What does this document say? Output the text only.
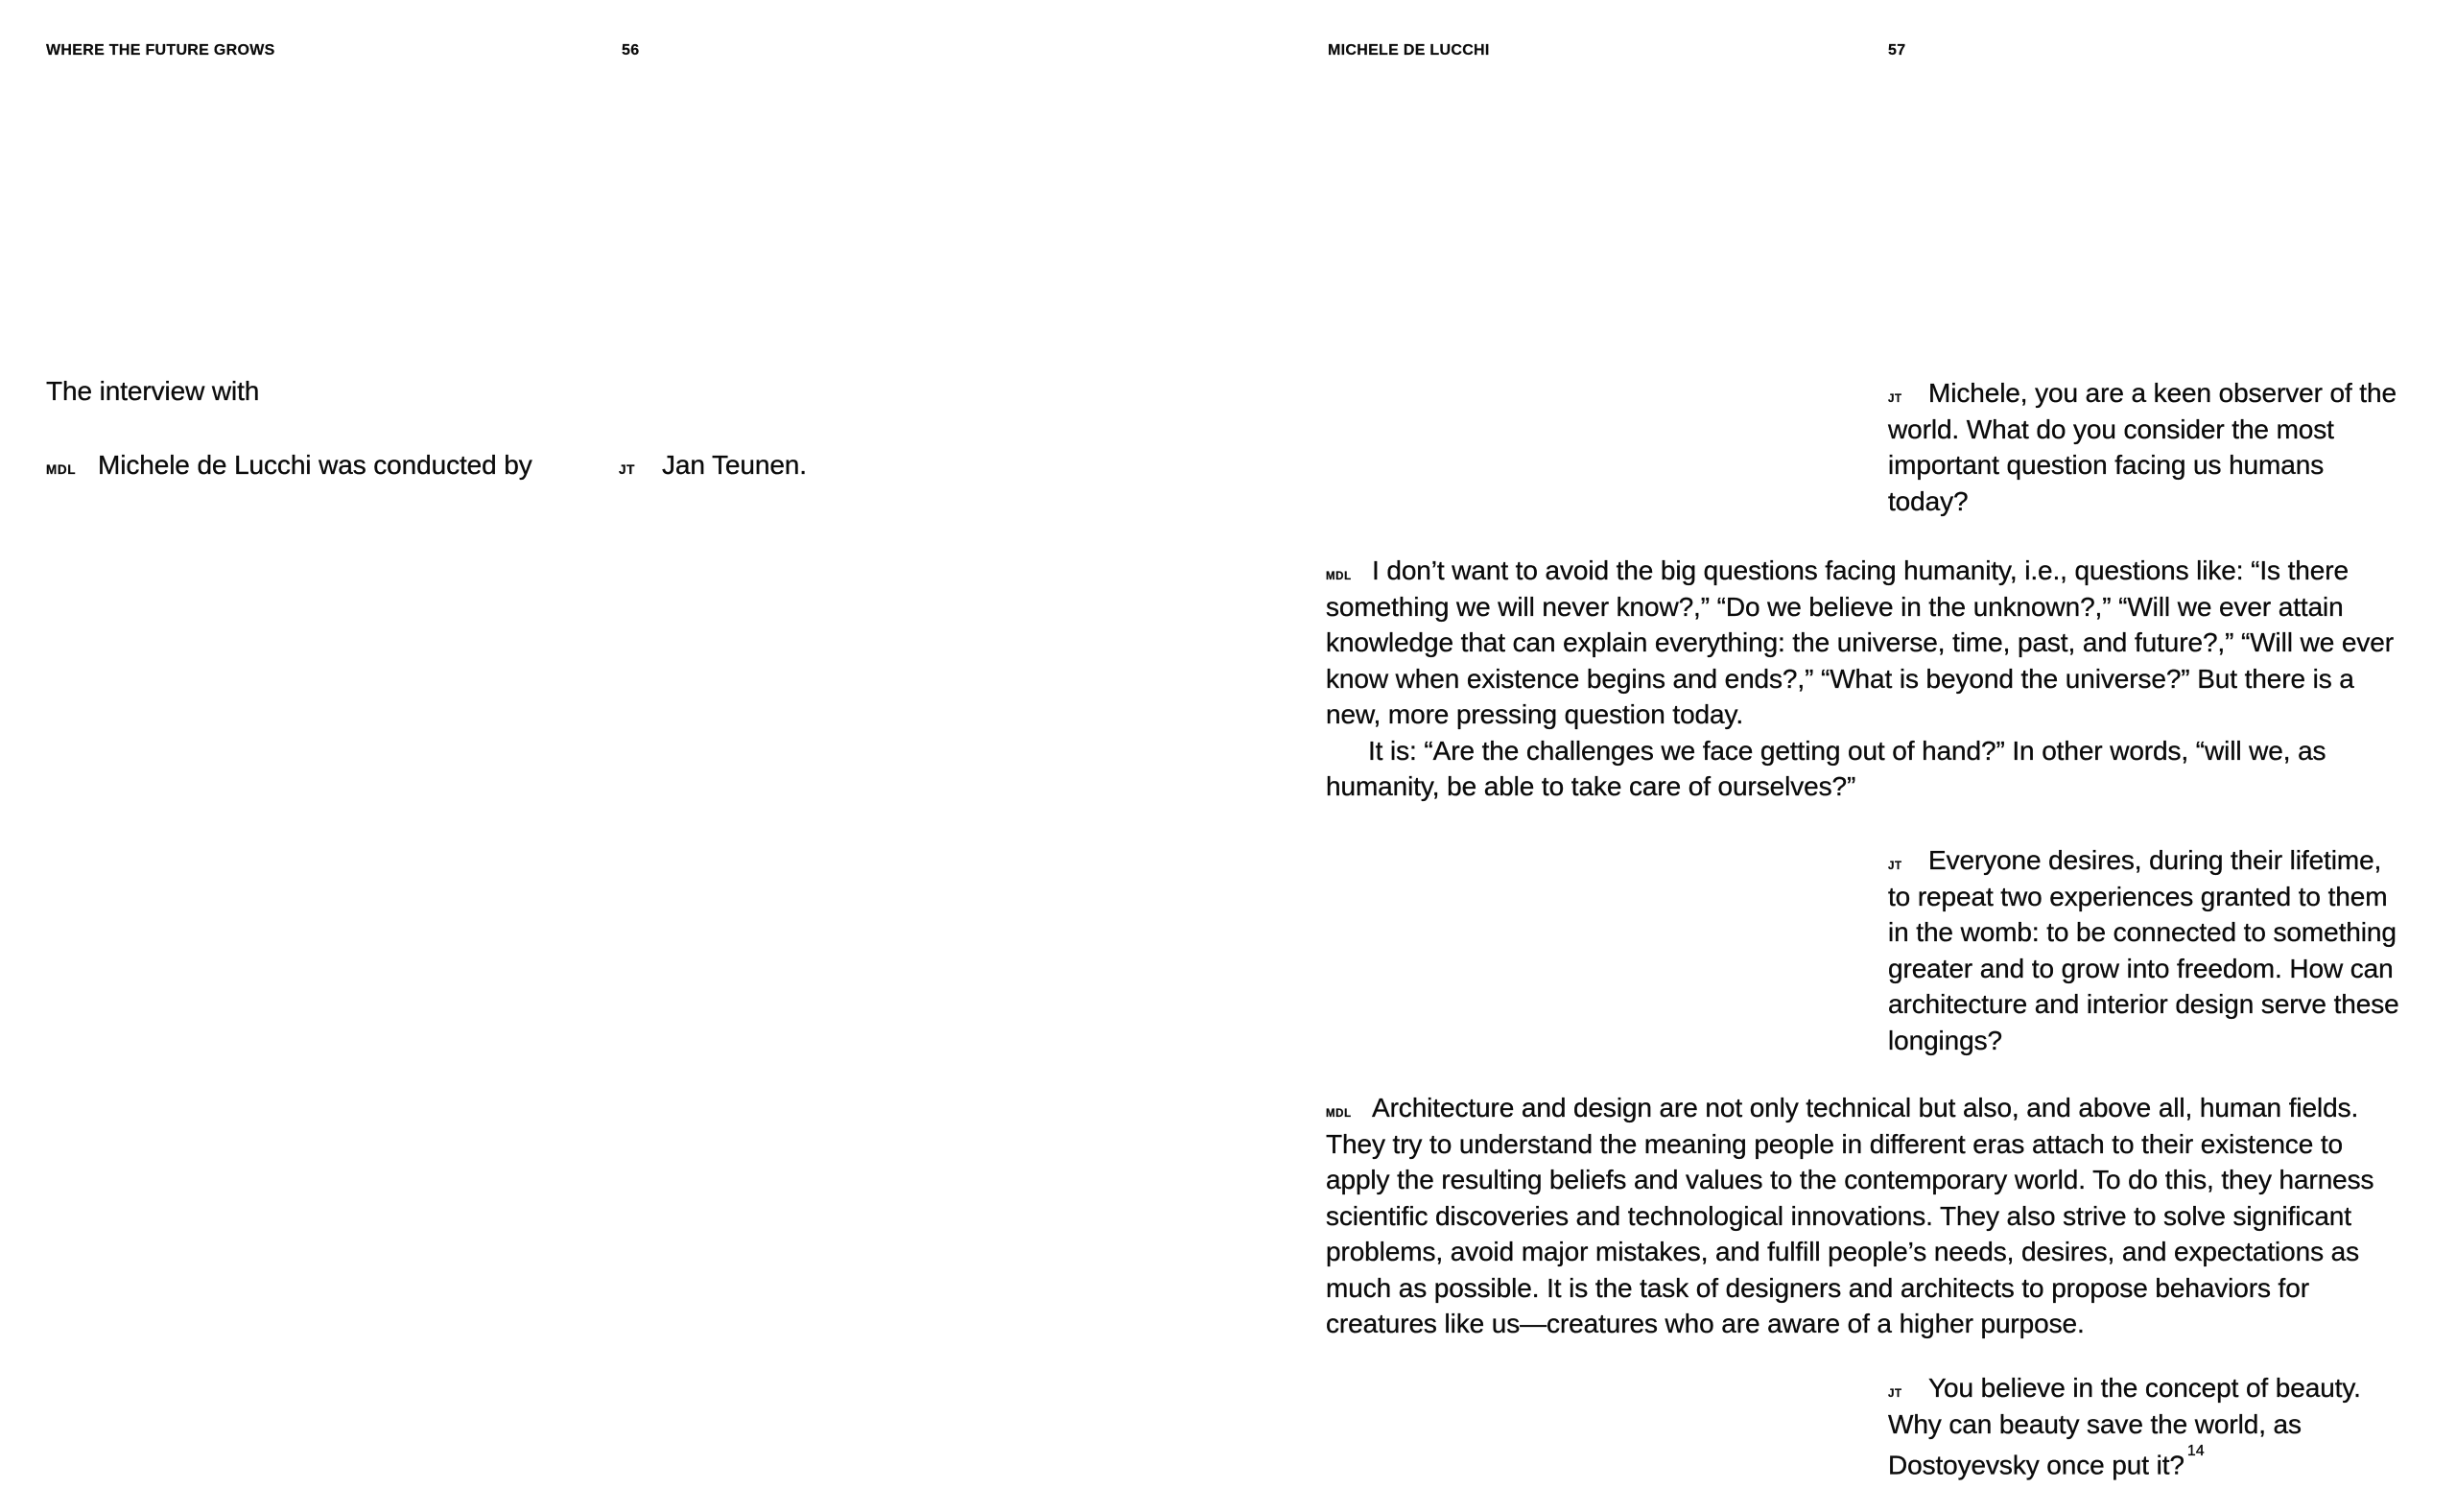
WHERE THE FUTURE GROWS	56	MICHELE DE LUCCHI	57

The interview with

MDL Michele de Lucchi was conducted by	JT Jan Teunen.
JT Michele, you are a keen observer of the world. What do you consider the most important question facing us humans today?

MDL I don’t want to avoid the big questions facing humanity, i.e., questions like: “Is there something we will never know?,” “Do we believe in the unknown?,” “Will we ever attain knowledge that can explain everything: the universe, time, past, and future?,” “Will we ever know when existence begins and ends?,” “What is beyond the universe?” But there is a new, more pressing question today.

It is: “Are the challenges we face getting out of hand?” In other words, “will we, as humanity, be able to take care of ourselves?”

JT Everyone desires, during their lifetime, to repeat two experiences granted to them in the womb: to be connected to something greater and to grow into freedom. How can architecture and interior design serve these longings?

MDL Architecture and design are not only technical but also, and above all, human fields. They try to understand the meaning people in different eras attach to their existence to apply the resulting beliefs and values to the contemporary world. To do this, they harness scientific discoveries and technological innovations. They also strive to solve significant problems, avoid major mistakes, and fulfill people’s needs, desires, and expectations as much as possible. It is the task of designers and architects to propose behaviors for creatures like us—creatures who are aware of a higher purpose.

JT You believe in the concept of beauty. Why can beauty save the world, as Dostoyevsky once put it? $^{14}$
